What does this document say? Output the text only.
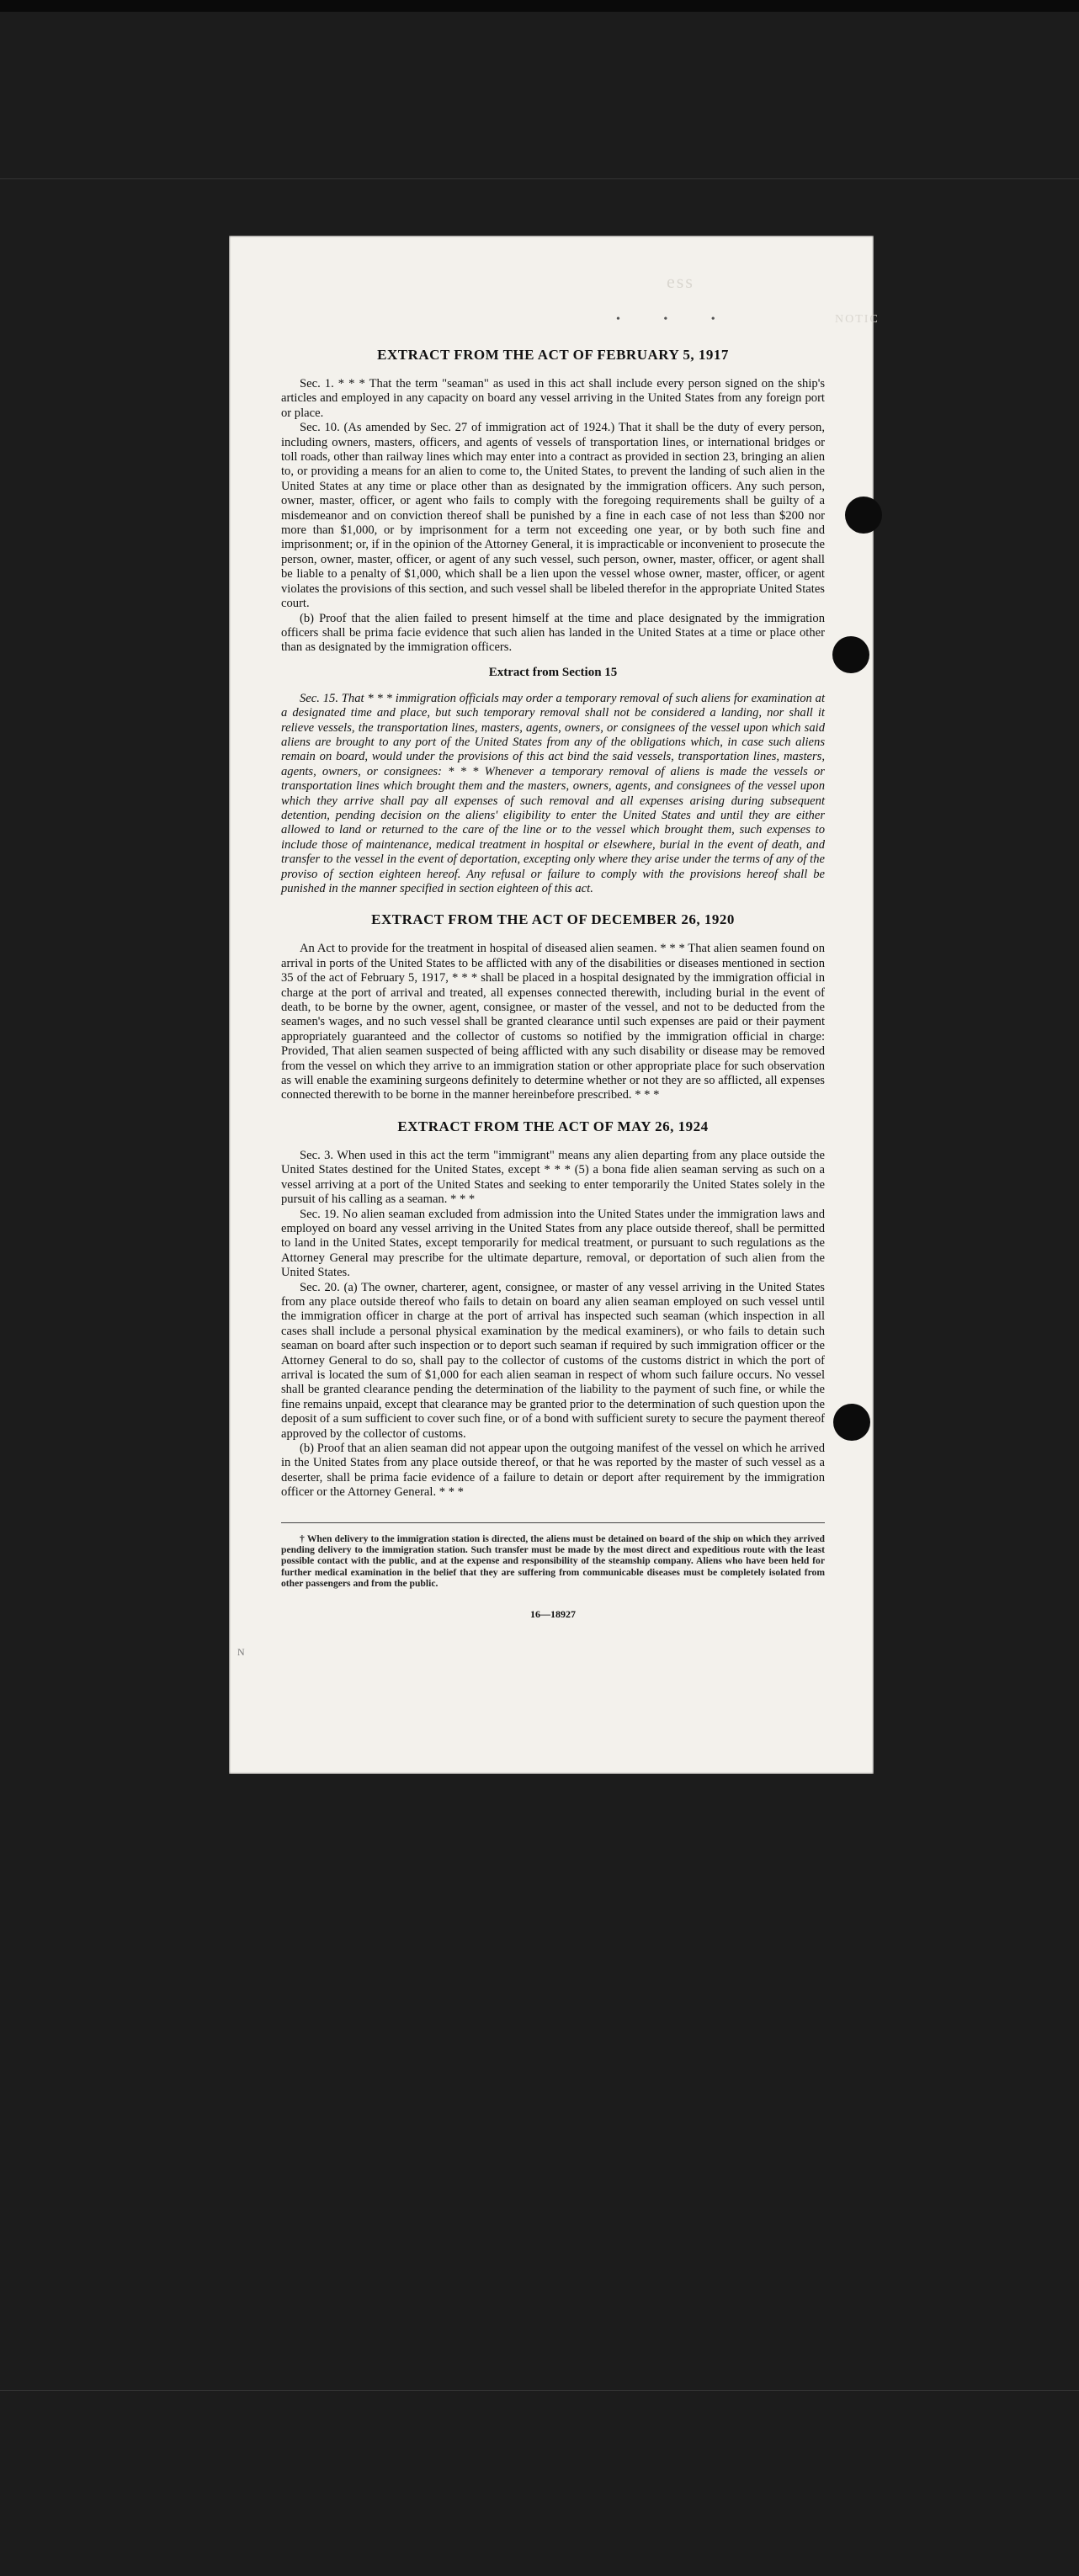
ess
NOTIC
• • •
N
EXTRACT FROM THE ACT OF FEBRUARY 5, 1917

Sec. 1. * * * That the term "seaman" as used in this act shall include every person signed on the ship's articles and employed in any capacity on board any vessel arriving in the United States from any foreign port or place.

Sec. 10. (As amended by Sec. 27 of immigration act of 1924.) That it shall be the duty of every person, including owners, masters, officers, and agents of vessels of transportation lines, or international bridges or toll roads, other than railway lines which may enter into a contract as provided in section 23, bringing an alien to, or providing a means for an alien to come to, the United States, to prevent the landing of such alien in the United States at any time or place other than as designated by the immigration officers. Any such person, owner, master, officer, or agent who fails to comply with the foregoing requirements shall be guilty of a misdemeanor and on conviction thereof shall be punished by a fine in each case of not less than $200 nor more than $1,000, or by imprisonment for a term not exceeding one year, or by both such fine and imprisonment; or, if in the opinion of the Attorney General, it is impracticable or inconvenient to prosecute the person, owner, master, officer, or agent of any such vessel, such person, owner, master, officer, or agent shall be liable to a penalty of $1,000, which shall be a lien upon the vessel whose owner, master, officer, or agent violates the provisions of this section, and such vessel shall be libeled therefor in the appropriate United States court.

(b) Proof that the alien failed to present himself at the time and place designated by the immigration officers shall be prima facie evidence that such alien has landed in the United States at a time or place other than as designated by the immigration officers.

Extract from Section 15

Sec. 15. That * * * immigration officials may order a temporary removal of such aliens for examination at a designated time and place, but such temporary removal shall not be considered a landing, nor shall it relieve vessels, the transportation lines, masters, agents, owners, or consignees of the vessel upon which said aliens are brought to any port of the United States from any of the obligations which, in case such aliens remain on board, would under the provisions of this act bind the said vessels, transportation lines, masters, agents, owners, or consignees: * * * Whenever a temporary removal of aliens is made the vessels or transportation lines which brought them and the masters, owners, agents, and consignees of the vessel upon which they arrive shall pay all expenses of such removal and all expenses arising during subsequent detention, pending decision on the aliens' eligibility to enter the United States and until they are either allowed to land or returned to the care of the line or to the vessel which brought them, such expenses to include those of maintenance, medical treatment in hospital or elsewhere, burial in the event of death, and transfer to the vessel in the event of deportation, excepting only where they arise under the terms of any of the proviso of section eighteen hereof. Any refusal or failure to comply with the provisions hereof shall be punished in the manner specified in section eighteen of this act.

EXTRACT FROM THE ACT OF DECEMBER 26, 1920

An Act to provide for the treatment in hospital of diseased alien seamen. * * * That alien seamen found on arrival in ports of the United States to be afflicted with any of the disabilities or diseases mentioned in section 35 of the act of February 5, 1917, * * * shall be placed in a hospital designated by the immigration official in charge at the port of arrival and treated, all expenses connected therewith, including burial in the event of death, to be borne by the owner, agent, consignee, or master of the vessel, and not to be deducted from the seamen's wages, and no such vessel shall be granted clearance until such expenses are paid or their payment appropriately guaranteed and the collector of customs so notified by the immigration official in charge: Provided, That alien seamen suspected of being afflicted with any such disability or disease may be removed from the vessel on which they arrive to an immigration station or other appropriate place for such observation as will enable the examining surgeons definitely to determine whether or not they are so afflicted, all expenses connected therewith to be borne in the manner hereinbefore prescribed. * * *

EXTRACT FROM THE ACT OF MAY 26, 1924

Sec. 3. When used in this act the term "immigrant" means any alien departing from any place outside the United States destined for the United States, except * * * (5) a bona fide alien seaman serving as such on a vessel arriving at a port of the United States and seeking to enter temporarily the United States solely in the pursuit of his calling as a seaman. * * *

Sec. 19. No alien seaman excluded from admission into the United States under the immigration laws and employed on board any vessel arriving in the United States from any place outside thereof, shall be permitted to land in the United States, except temporarily for medical treatment, or pursuant to such regulations as the Attorney General may prescribe for the ultimate departure, removal, or deportation of such alien from the United States.

Sec. 20. (a) The owner, charterer, agent, consignee, or master of any vessel arriving in the United States from any place outside thereof who fails to detain on board any alien seaman employed on such vessel until the immigration officer in charge at the port of arrival has inspected such seaman (which inspection in all cases shall include a personal physical examination by the medical examiners), or who fails to detain such seaman on board after such inspection or to deport such seaman if required by such immigration officer or the Attorney General to do so, shall pay to the collector of customs of the customs district in which the port of arrival is located the sum of $1,000 for each alien seaman in respect of whom such failure occurs. No vessel shall be granted clearance pending the determination of the liability to the payment of such fine, or while the fine remains unpaid, except that clearance may be granted prior to the determination of such question upon the deposit of a sum sufficient to cover such fine, or of a bond with sufficient surety to secure the payment thereof approved by the collector of customs.

(b) Proof that an alien seaman did not appear upon the outgoing manifest of the vessel on which he arrived in the United States from any place outside thereof, or that he was reported by the master of such vessel as a deserter, shall be prima facie evidence of a failure to detain or deport after requirement by the immigration officer or the Attorney General. * * *

† When delivery to the immigration station is directed, the aliens must be detained on board of the ship on which they arrived pending delivery to the immigration station. Such transfer must be made by the most direct and expeditious route with the least possible contact with the public, and at the expense and responsibility of the steamship company. Aliens who have been held for further medical examination in the belief that they are suffering from communicable diseases must be completely isolated from other passengers and from the public.

16—18927
